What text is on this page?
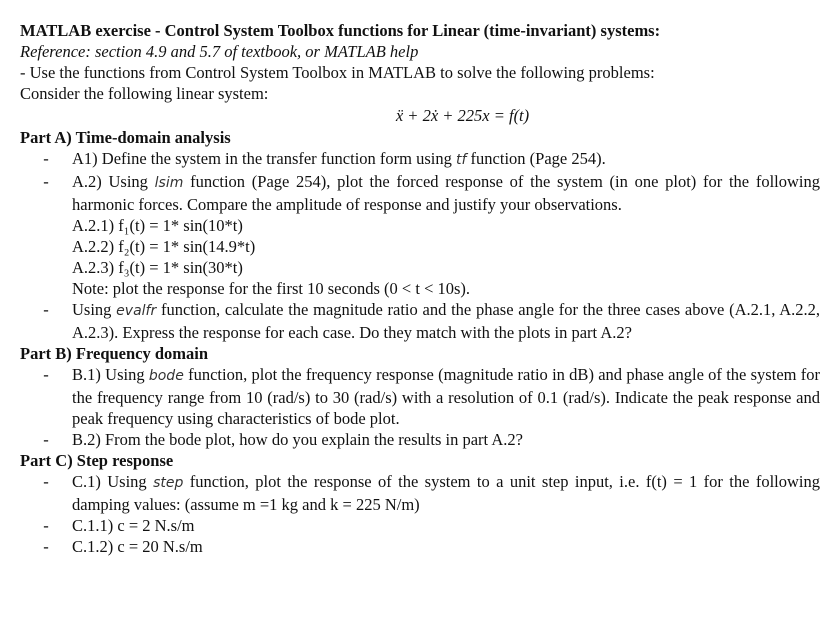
MATLAB exercise - Control System Toolbox functions for Linear (time-invariant) systems:
Reference: section 4.9 and 5.7 of textbook, or MATLAB help
- Use the functions from Control System Toolbox in MATLAB to solve the following problems:
Consider the following linear system:
ẍ + 2ẋ + 225x = f(t)
Part A) Time-domain analysis
-	A1) Define the system in the transfer function form using tf function (Page 254).
-	A.2) Using lsim function (Page 254), plot the forced response of the system (in one plot) for the following harmonic forces. Compare the amplitude of response and justify your observations.
A.2.1) f₁(t) = 1* sin(10*t)
A.2.2) f₂(t) = 1* sin(14.9*t)
A.2.3) f₃(t) = 1* sin(30*t)
Note: plot the response for the first 10 seconds (0 < t < 10s).
-	Using evalfr function, calculate the magnitude ratio and the phase angle for the three cases above (A.2.1, A.2.2, A.2.3). Express the response for each case. Do they match with the plots in part A.2?
Part B) Frequency domain
-	B.1) Using bode function, plot the frequency response (magnitude ratio in dB) and phase angle of the system for the frequency range from 10 (rad/s) to 30 (rad/s) with a resolution of 0.1 (rad/s). Indicate the peak response and peak frequency using characteristics of bode plot.
-	B.2) From the bode plot, how do you explain the results in part A.2?
Part C) Step response
-	C.1) Using step function, plot the response of the system to a unit step input, i.e. f(t) = 1 for the following damping values: (assume m =1 kg and k = 225 N/m)
-	C.1.1) c = 2 N.s/m
-	C.1.2) c = 20 N.s/m
